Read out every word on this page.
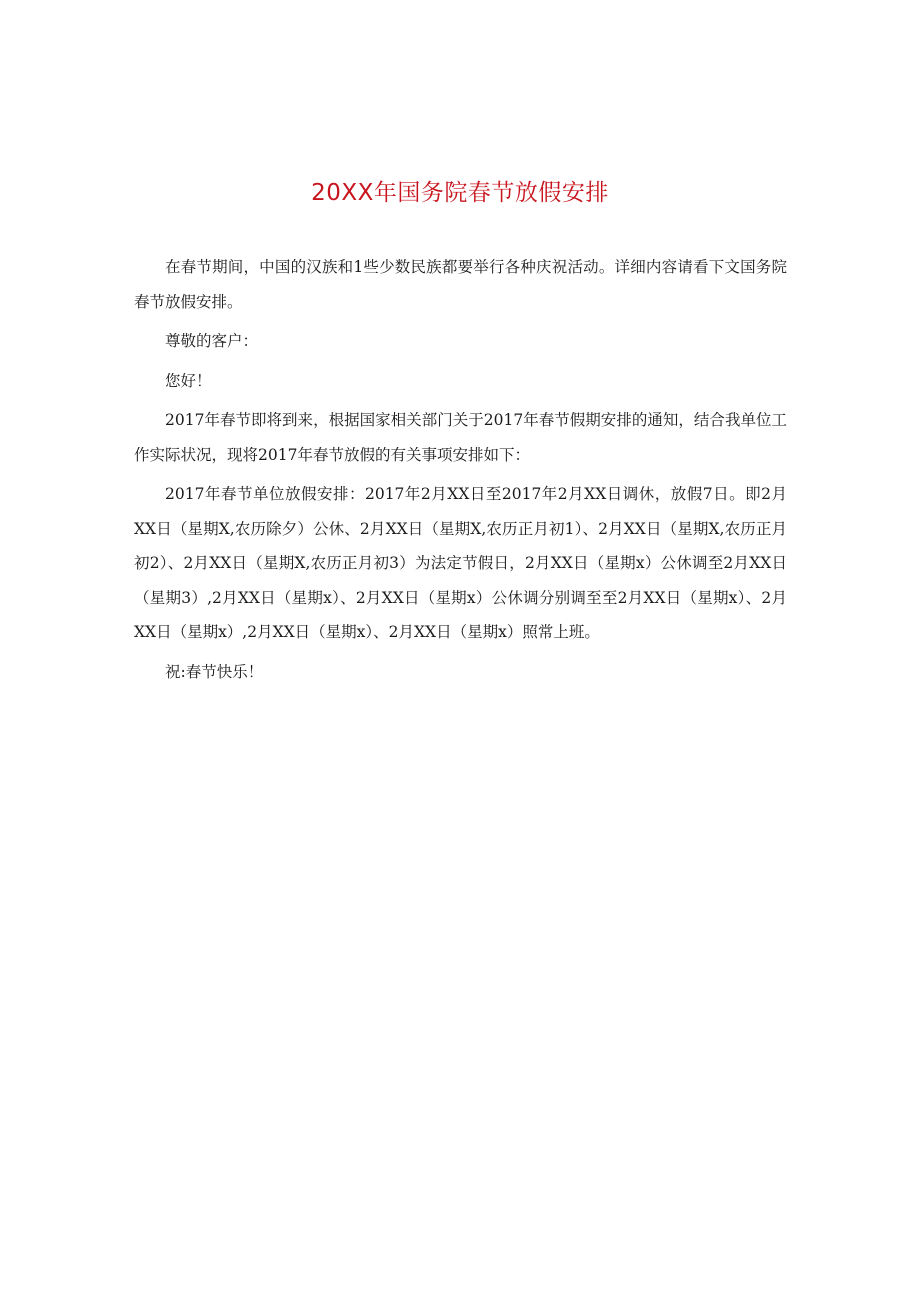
20XX年国务院春节放假安排

在春节期间，中国的汉族和1些少数民族都要举行各种庆祝活动。详细内容请看下文国务院春节放假安排。

尊敬的客户：

您好！

2017年春节即将到来，根据国家相关部门关于2017年春节假期安排的通知，结合我单位工作实际状况，现将2017年春节放假的有关事项安排如下：

2017年春节单位放假安排：2017年2月XX日至2017年2月XX日调休，放假7日。即2月XX日（星期X,农历除夕）公休、2月XX日（星期X,农历正月初1）、2月XX日（星期X,农历正月初2）、2月XX日（星期X,农历正月初3）为法定节假日，2月XX日（星期x）公休调至2月XX日（星期3）,2月XX日（星期x）、2月XX日（星期x）公休调分别调至至2月XX日（星期x）、2月XX日（星期x）,2月XX日（星期x）、2月XX日（星期x）照常上班。

祝:春节快乐！
